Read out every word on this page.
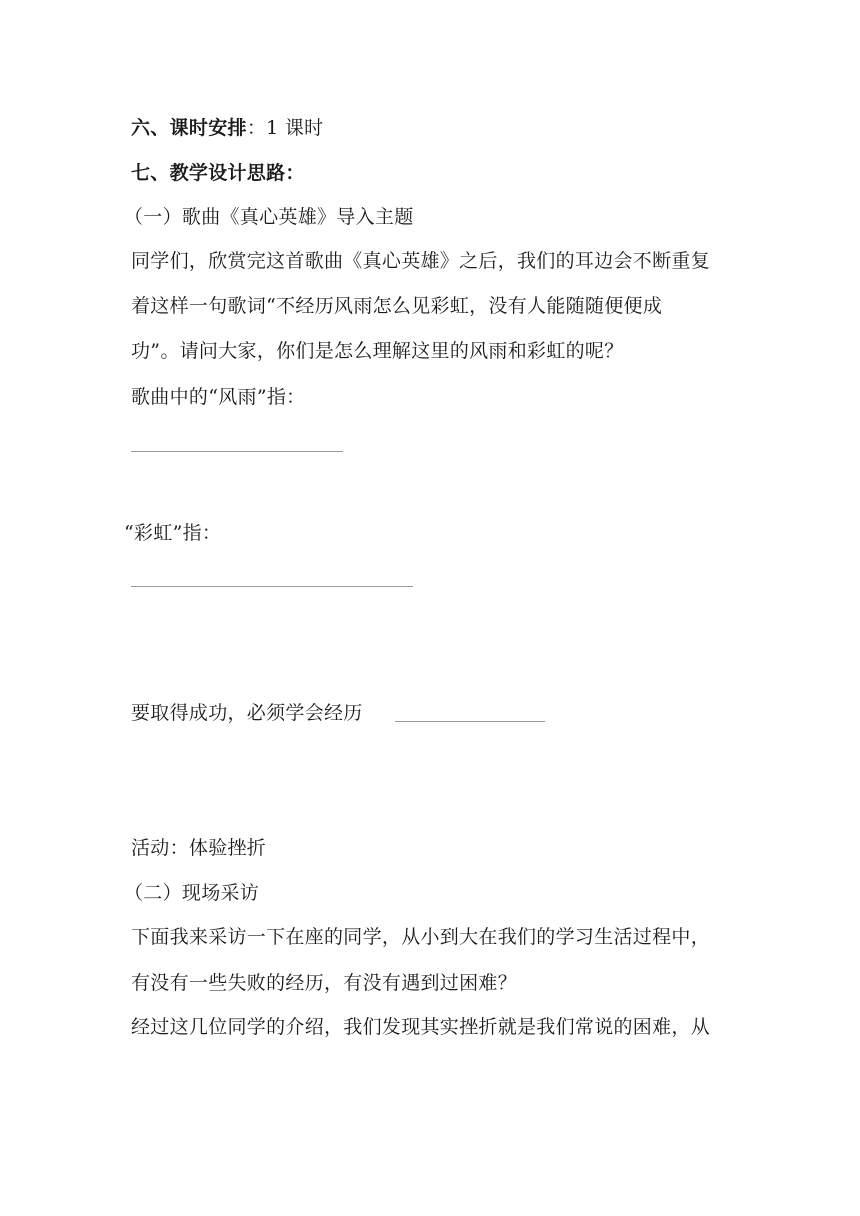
六、课时安排：1 课时
七、教学设计思路：
（一）歌曲《真心英雄》导入主题
同学们，欣赏完这首歌曲《真心英雄》之后，我们的耳边会不断重复
着这样一句歌词“不经历风雨怎么见彩虹，没有人能随随便便成
功”。请问大家，你们是怎么理解这里的风雨和彩虹的呢？
歌曲中的“风雨”指：
“彩虹”指：
要取得成功，必须学会经历
活动：体验挫折
（二）现场采访
下面我来采访一下在座的同学，从小到大在我们的学习生活过程中，
有没有一些失败的经历，有没有遇到过困难？
经过这几位同学的介绍，我们发现其实挫折就是我们常说的困难，从
